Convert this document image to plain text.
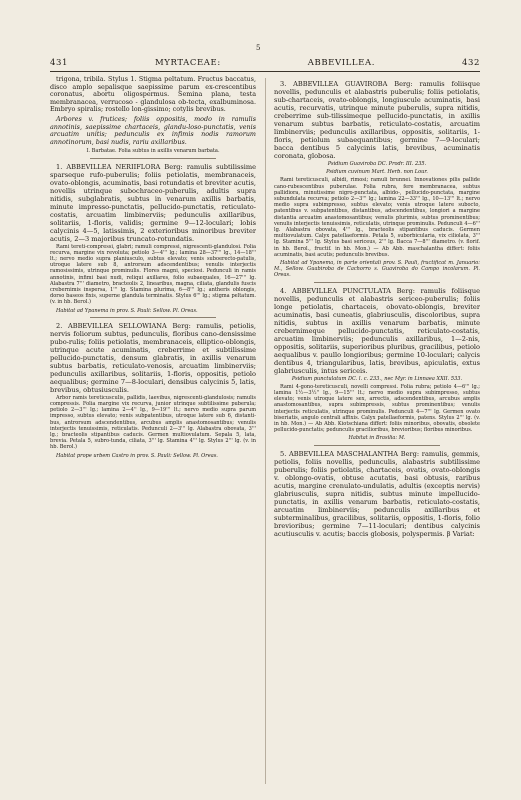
5
431	MYRTACEAE:	ABBEVILLEA.	432

trigona, tribila. Stylus 1. Stigma peltatum. Fructus baccatus, disco amplo sepalisque saepissime parum ex-crescentibus coronatus, abortu oligospermus. Semina plana, testa membranacea, verrucoso - glandulosa ob-tecta, exalbuminosa. Embryo spiralis; rostello lon-gissimo; cotylis brevibus.

Arbores v. frutices; foliis oppositis, modo in ramulis annotinis, saepissime chartaceis, glandu-loso-punctatis, venis arcuatim unitis; pedunculis ex infimis nodis ramorum annotinorum, basi nudis, rariu axillaribus.

I. Barbatae. Folia subtus in axillis venarum barbata.

1. ABBEVILLEA NERIIFLORA Berg: ramulis subtilissime sparseque rufo-puberulis; foliis petiolatis, membranaceis, ovato-oblongis, acuminatis, basi rotundatis et breviter acutis, novellis utrinque subochraceo-puberulis, adultis supra nitidis, subglabratis, subtus in venarum axillis barbatis, minute impresso-punctatis, pellucido-punctatis, reticulato-costatis, arcuatim limbinerviis; pedunculis axillaribus, solitariis, 1-floris, validis; germine 9—12-loculari; lobis calycinis 4—5, latissimis, 2 exterioribus minoribus breviter acutis, 2—3 majoribus truncato-rotundatis.

Rami tereti-compressi, glabri; ramuli compressi, nigrescenti-glandulosi. Folia recurva, margine vix revoluta; petiolo 3—4''' lg.; lamina 28—37''' lg., 14—18''' lt.; nervo medio supra planiusculo, subtus elevato; venis suboerecto-patulis, utroque latere sub 8, antrorsum adscendentibus; venulis interjectis ramosissimis, utrinque prominulis. Flores magni, speciosi. Pedunculi in ramis annotinis, infimi basi nudi, reliqui axillares, folio subaequales, 16—27''' lg. Alabastra 7''' diametro, bracteolis 2, linearibus, magna, ciliata, glandulis fuscis crebernimis inspersa, 1''' lg. Stamina plurima, 6—8''' lg.; antheris oblongis, dorso baseos fixis, superne glandula terminatis. Stylus 6''' lg.; stigma peltatum. (v. in hb. Berol.)

Habitat ad Ypanema in prov. S. Pauli: Sellow. Pl. Oreas.

2. ABBEVILLEA SELLOWIANA Berg: ramulis, petiolis, nervis foliorum subtus, pedunculis, floribus cano-densissime pubo-rulis; foliis petiolatis, membranaceis, elliptico-oblongis, utrinque acute acuminatis, creberrime et subtilissime pellucido-punctatis, densum glabratis, in axillis venarum subtus barbatis, reticulato-venosis, arcuatim limbinerviis; pedunculis axillaribus, solitariis, 1-floris, oppositis, petiolo aequalibus; germine 7—8-loculari, densibus calycinis 5, latis, brevibus, obtusiusculis.

Arbor ramis tereticusculis, pallidis, laevibus, nigrescenti-glandulosis; ramulis compressis. Folia margine vix recurva, junior utrinque subtilissime puberula; petiolo 2—3''' lg.; lamina 2—4'' lg., 9—19''' lt.; nervo medio supra parum impresso, subtus elevato; venis subpatentibus, utroque latere sub 6, distanti-bus, antrorsum adscendentibus, arcubus amplis anastomosantibus; venulis interjectis tenuissimis, reticulatis. Pedunculi 2—3''' lg. Alabastra obovata, 3''' lg.; bracteolis stipantibus caducis. Germen multiovulatum. Sepala 5, lata, brevia. Petala 5, subro-tunda, ciliata, 3''' lg. Stamina 4''' lg. Stylus 2''' lg. (v. in hb. Berol.)

Habitat prope urbem Castro in prov. S. Pauli: Sellow. Pl. Oreas.

3. ABBEVILLEA GUAVIROBA Berg: ramulis foliisque novellis, pedunculis et alabastris puberulis; foliis petiolatis, sub-chartaceis, ovato-oblongis, longiuscule acuminatis, basi acutis, recurvatis, utrinque minute puberulis, supra nitidis, creberrime sub-tilissimeque pellucido-punctatis, in axillis venarum subtus barbatis, reticulato-costatis, arcuatim limbinerviis; pedunculis axillaribus, oppositis, solitariis, 1-floris, petiolum subaequantibus; germine 7—9-loculari; bacca dentibus 5 calycinis latis, brevibus, acuminatis coronata, globosa.

Psidium Guaviroba DC. Prodr. III. 235.

Psidium cuvinum Mart. Herb. non Lour.

Rami tereticusculi, albidi, rimosi; ramuli brunnei. Innovationes pilis pallide cano-rubescentibus puberulae. Folia rubra, fere membranacea, subtus pallidiora, minutissime nigro-punctata, albido-, pellucido-punctata, margine subundulata recurva; petiolo 2—3''' lg.; lamina 22—33''' lg., 10—13''' lt.; nervo medio supra subimpresso, subtus elevato; venis utroque latere subocto, patentibus v. subpatentibus, distantibus, adscendentibus, longiori a margine distantia arcuatim anastomosantibus; venulis plurimis, subtus prominentibus; venulis interjectis tenuissimis, reticulatis, utrinque prominulis. Pedunculi 4—6''' lg. Alabastra obovata, 4''' lg., bracteolis stipantibus caducis. Germen multiovulatum. Calyx patellaeformis. Petala 5, suborbicularia, vix ciliolata, 3''' lg. Stamina 5''' lg. Stylus basi sericeus, 2''' lg. Bacca 7—8''' diametro. (v. florif. in hb. Berol., fructif. in hb. Mon.) — Ab Abb. maschalantha differt: foliis acuminatis, basi acutis; pedunculis brevibus.

Habitat ad Ypanema, in parte orientali prov. S. Pauli, fructificat m. Januario: M., Sellow. Guabiroba de Cachorro s. Guaviroba do Campo incolarum. Pl. Oreas.

4. ABBEVILLEA PUNCTULATA Berg: ramulis foliisque novellis, pedunculis et alabastris sericeo-puberulis; foliis longe petiolatis, chartaceis, obovato-oblongis, breviter acuminatis, basi cuneatis, glabriusculis, discoloribus, supra nitidis, subtus in axillis venarum barbatis, minute crebernimeque pellucido-punctatis, reticulato-costatis, arcuatim limbinerviis; pedunculis axillaribus, 1—2-nis, oppositis, solitariis, superioribus pluribus, gracilibus, petiolo aequalibus v. paullo longioribus; germine 10-loculari; calycis dentibus 4, triangularibus, latis, brevibus, apiculatis, extus glabriusculis, intus sericeis.

Psidium punctulatum DC. l. c. 233., nec Myr. in Linnaea XXII. 533.

Rami 4-gono-tereticusculi, novelli compressi. Folia rubra; petiolo 4—6''' lg.; lamina 1½—3½'' lg., 9—15''' lt.; nervo medio supra subimpresso, subtus elevato; venis utroque latere sex, arrectis, adscendentibus, arcubus amplis anastomosantibus, supra subimpressis, subtus prominentibus; venulis interjectis reticulatis, utrinque prominulis. Pedunculi 4—7''' lg. Germen ovato biseriatis, angulo centrali affixis. Calyx patellaeformis, patens. Stylus 2''' lg. (v. in hb. Mon.) — Ab Abb. Kiotschiana differt: foliis minoribus, obovatis, obsolete pellucido-punctatis; pedunculis gracilioribus, brevioribus; floribus minoribus.

Habitat in Brasilia: M.

5. ABBEVILLEA MASCHALANTHA Berg: ramulis, gemmis, petiolis, foliis novellis, pedunculis, alabastris subtilissime puberulis; foliis petiolatis, chartaceis, ovatis, ovato-oblongis v. oblongo-ovatis, obtuse acutatis, basi obtusis, raribus acutis, margine crenulato-undulatis, adultis (exceptis nervis) glabriusculis, supra nitidis, subtus minute impellucido-punctatis, in axillis venarum barbatis, reticulato-costatis, arcuatim limbinerviis; pedunculis axillaribus et subterminalibus, gracilibus, solitariis, oppositis, 1-floris, folio brevioribus; germine 7—11-loculari; dentibus calycinis acutiusculis v. acutis; baccis globosis, polyspermis. β Variat:
